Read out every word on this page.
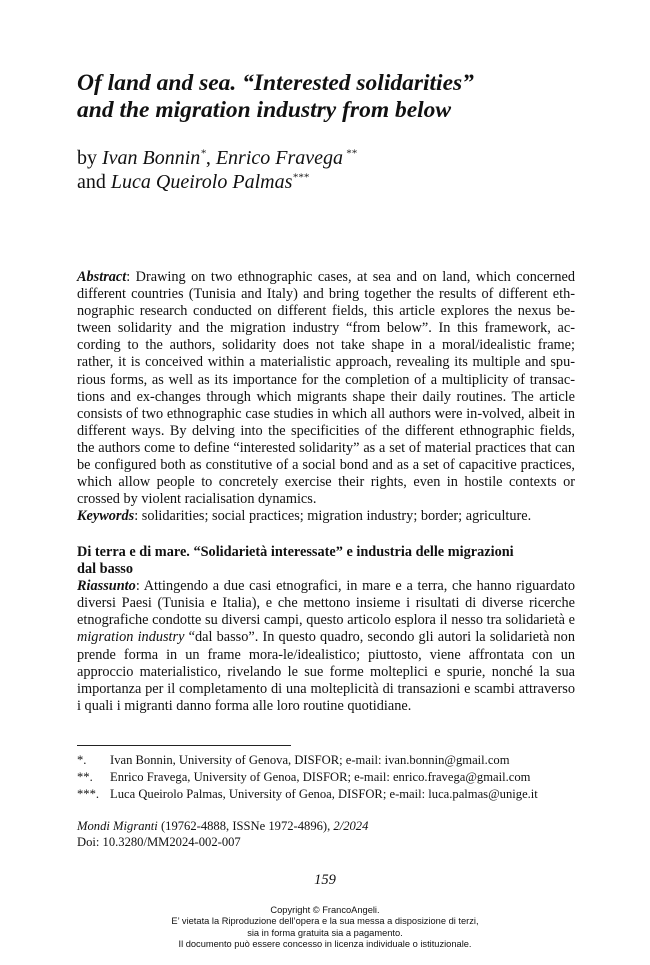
Of land and sea. “Interested solidarities”
and the migration industry from below
by Ivan Bonnin*, Enrico Fravega **
and Luca Queirolo Palmas***
Abstract: Drawing on two ethnographic cases, at sea and on land, which concerned different countries (Tunisia and Italy) and bring together the results of different ethnographic research conducted on different fields, this article explores the nexus between solidarity and the migration industry “from below”. In this framework, according to the authors, solidarity does not take shape in a moral/idealistic frame; rather, it is conceived within a materialistic approach, revealing its multiple and spurious forms, as well as its importance for the completion of a multiplicity of transactions and ex-changes through which migrants shape their daily routines. The article consists of two ethnographic case studies in which all authors were in-volved, albeit in different ways. By delving into the specificities of the different ethnographic fields, the authors come to define “interested solidarity” as a set of material practices that can be configured both as constitutive of a social bond and as a set of capacitive practices, which allow people to concretely exercise their rights, even in hostile contexts or crossed by violent racialisation dynamics.
Keywords: solidarities; social practices; migration industry; border; agriculture.
Di terra e di mare. “Solidarietà interessate” e industria delle migrazioni
dal basso
Riassunto: Attingendo a due casi etnografici, in mare e a terra, che hanno riguardato diversi Paesi (Tunisia e Italia), e che mettono insieme i risultati di diverse ricerche etnografiche condotte su diversi campi, questo articolo esplora il nesso tra solidarietà e migration industry “dal basso”. In questo quadro, secondo gli autori la solidarietà non prende forma in un frame mora-le/idealistico; piuttosto, viene affrontata con un approccio materialistico, rivelando le sue forme molteplici e spurie, nonché la sua importanza per il completamento di una molteplicità di transazioni e scambi attraverso i quali i migranti danno forma alle loro routine quotidiane.
*. Ivan Bonnin, University of Genova, DISFOR; e-mail: ivan.bonnin@gmail.com
**. Enrico Fravega, University of Genoa, DISFOR; e-mail: enrico.fravega@gmail.com
***. Luca Queirolo Palmas, University of Genoa, DISFOR; e-mail: luca.palmas@unige.it
Mondi Migranti (19762-4888, ISSNe 1972-4896), 2/2024
Doi: 10.3280/MM2024-002-007
159
Copyright © FrancoAngeli.
E’ vietata la Riproduzione dell’opera e la sua messa a disposizione di terzi,
sia in forma gratuita sia a pagamento.
Il documento può essere concesso in licenza individuale o istituzionale.
